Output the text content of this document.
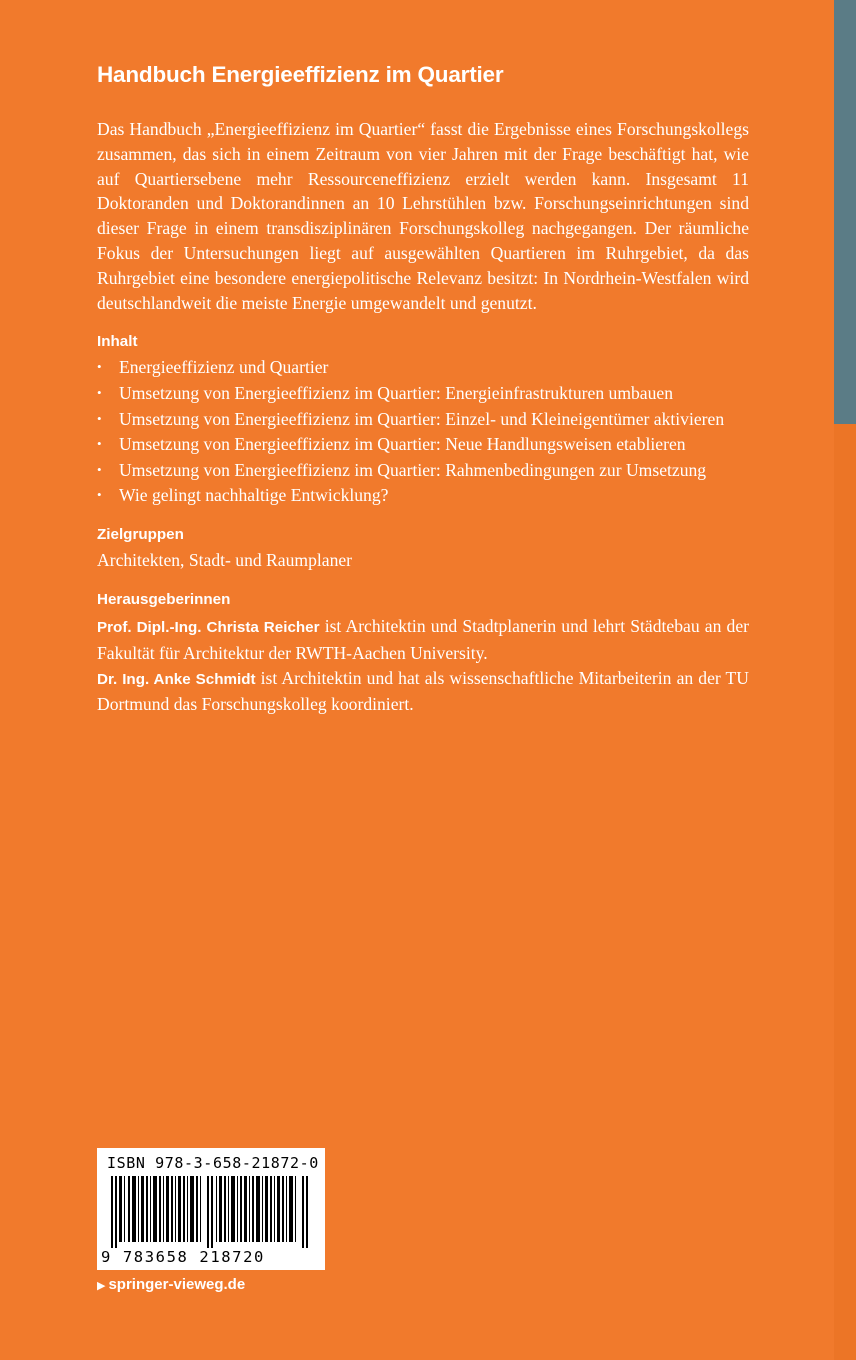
Handbuch Energieeffizienz im Quartier

Das Handbuch „Energieeffizienz im Quartier“ fasst die Ergebnisse eines Forschungskollegs zusammen, das sich in einem Zeitraum von vier Jahren mit der Frage beschäftigt hat, wie auf Quartiersebene mehr Ressourceneffizienz erzielt werden kann. Insgesamt 11 Doktoranden und Doktorandinnen an 10 Lehrstühlen bzw. Forschungseinrichtungen sind dieser Frage in einem transdisziplinären Forschungskolleg nachgegangen. Der räumliche Fokus der Untersuchungen liegt auf ausgewählten Quartieren im Ruhrgebiet, da das Ruhrgebiet eine besondere energiepolitische Relevanz besitzt: In Nordrhein-Westfalen wird deutschlandweit die meiste Energie umgewandelt und genutzt.

Inhalt

• Energieeffizienz und Quartier
• Umsetzung von Energieeffizienz im Quartier: Energieinfrastrukturen umbauen
• Umsetzung von Energieeffizienz im Quartier: Einzel- und Kleineigentümer aktivieren
• Umsetzung von Energieeffizienz im Quartier: Neue Handlungsweisen etablieren
• Umsetzung von Energieeffizienz im Quartier: Rahmenbedingungen zur Umsetzung
• Wie gelingt nachhaltige Entwicklung?

Zielgruppen

Architekten, Stadt- und Raumplaner

Herausgeberinnen

Prof. Dipl.-Ing. Christa Reicher ist Architektin und Stadtplanerin und lehrt Städtebau an der Fakultät für Architektur der RWTH-Aachen University.

Dr. Ing. Anke Schmidt ist Architektin und hat als wissenschaftliche Mitarbeiterin an der TU Dortmund das Forschungskolleg koordiniert.

ISBN 978-3-658-21872-0
9 783658 218720
▶ springer-vieweg.de
